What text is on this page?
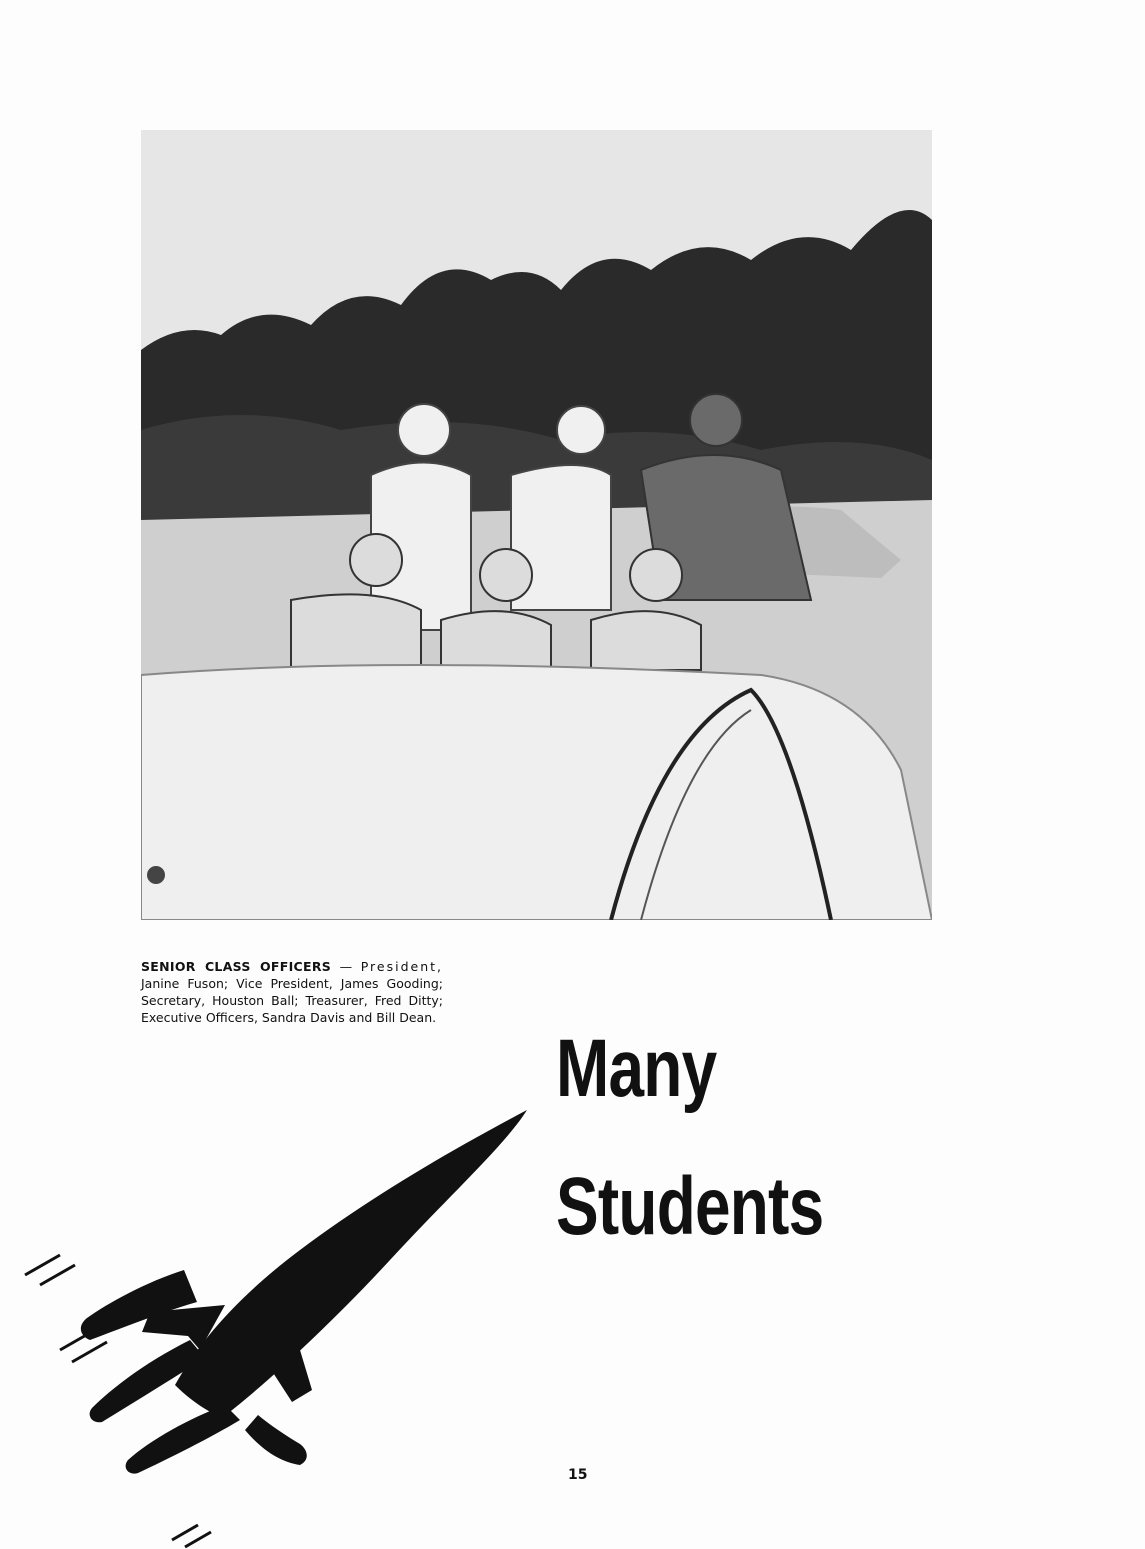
SENIOR CLASS OFFICERS — President, Janine Fuson; Vice President, James Gooding; Secretary, Houston Ball; Treasurer, Fred Ditty; Executive Officers, Sandra Davis and Bill Dean.
Many
Students
15
